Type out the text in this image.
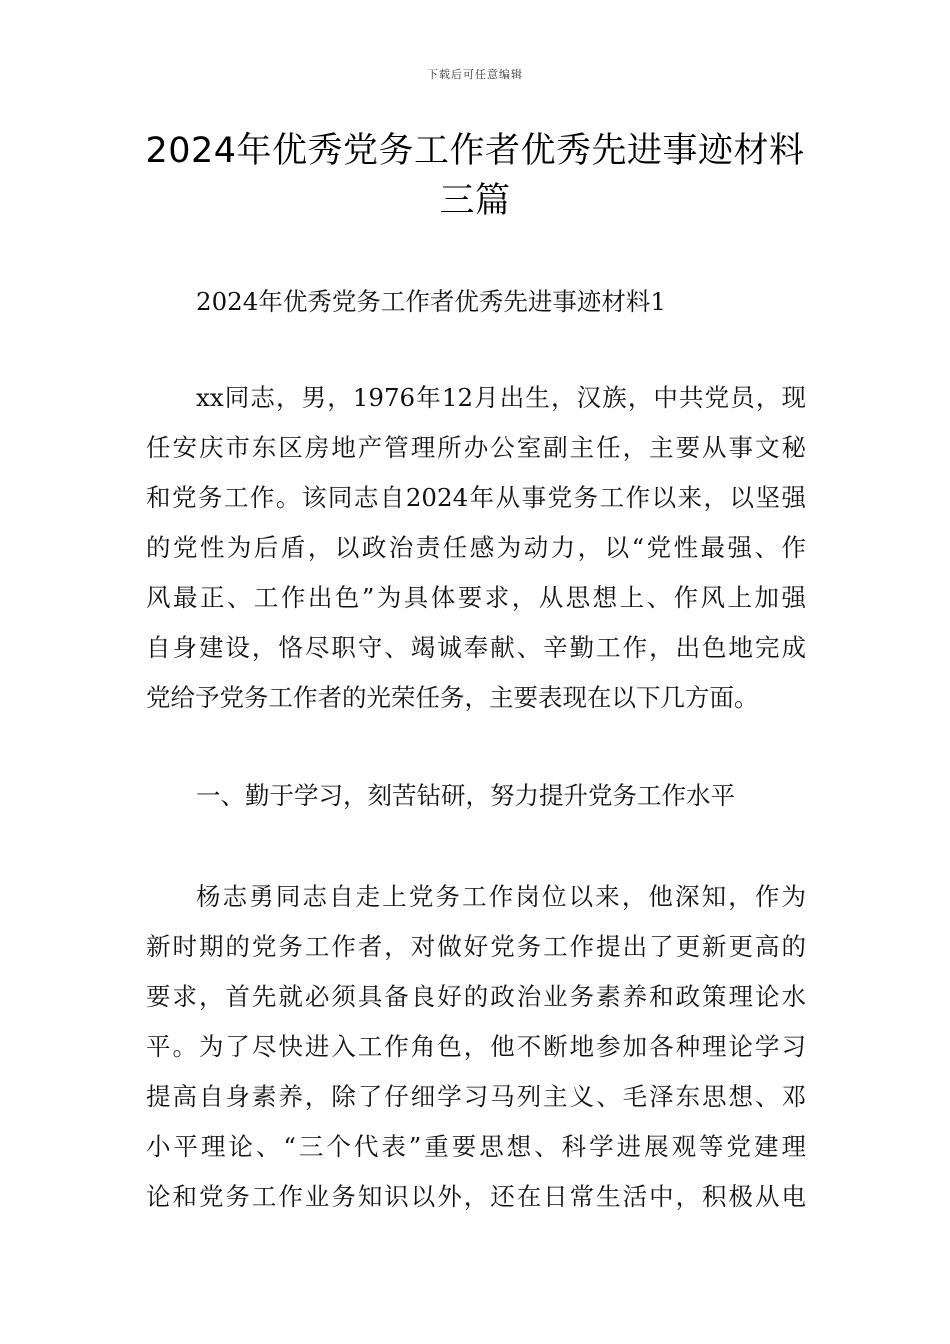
下载后可任意编辑
2024年优秀党务工作者优秀先进事迹材料
三篇
2024年优秀党务工作者优秀先进事迹材料1
xx同志，男，1976年12月出生，汉族，中共党员，现
任安庆市东区房地产管理所办公室副主任，主要从事文秘
和党务工作。该同志自2024年从事党务工作以来，以坚强
的党性为后盾，以政治责任感为动力，以“党性最强、作
风最正、工作出色”为具体要求，从思想上、作风上加强
自身建设，恪尽职守、竭诚奉献、辛勤工作，出色地完成
党给予党务工作者的光荣任务，主要表现在以下几方面。
一、勤于学习，刻苦钻研，努力提升党务工作水平
杨志勇同志自走上党务工作岗位以来，他深知，作为
新时期的党务工作者，对做好党务工作提出了更新更高的
要求，首先就必须具备良好的政治业务素养和政策理论水
平。为了尽快进入工作角色，他不断地参加各种理论学习
提高自身素养，除了仔细学习马列主义、毛泽东思想、邓
小平理论、“三个代表”重要思想、科学进展观等党建理
论和党务工作业务知识以外，还在日常生活中，积极从电
